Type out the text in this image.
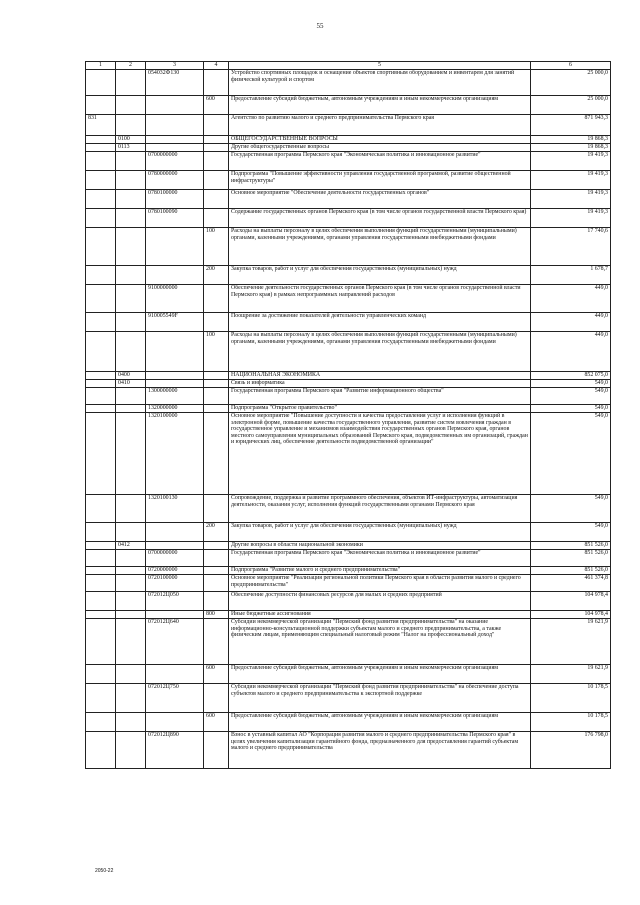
55
1	2	3	4	5	6
		054032Ф130		Устройство спортивных площадок и оснащение объектов спортивным оборудованием и инвентарем для занятий физической культурой и спортом	25 000,0
			600	Предоставление субсидий бюджетным, автономным учреждениям и иным некоммерческим организациям	25 000,0
831				Агентство по развитию малого и среднего предпринимательства Пермского края	871 943,3
	0100			ОБЩЕГОСУДАРСТВЕННЫЕ ВОПРОСЫ	19 868,3
	0113			Другие общегосударственные вопросы	19 868,3
		0700000000		Государственная программа Пермского края "Экономическая политика и инновационное развитие"	19 419,3
		0780000000		Подпрограмма "Повышение эффективности управления государственной программой, развитие общественной инфраструктуры"	19 419,3
		0780100000		Основное мероприятие "Обеспечение деятельности государственных органов"	19 419,3
		0780100090		Содержание государственных органов Пермского края (в том числе органов государственной власти Пермского края)	19 419,3
			100	Расходы на выплаты персоналу в целях обеспечения выполнения функций государственными (муниципальными) органами, казенными учреждениями, органами управления государственными внебюджетными фондами	17 740,6
			200	Закупка товаров, работ и услуг для обеспечения государственных (муниципальных) нужд	1 678,7
		9100000000		Обеспечение деятельности государственных органов Пермского края (в том числе органов государственной власти Пермского края) в рамках непрограммных направлений расходов	449,0
		910005549F		Поощрение за достижение показателей деятельности управленческих команд	449,0
			100	Расходы на выплаты персоналу в целях обеспечения выполнения функций государственными (муниципальными) органами, казенными учреждениями, органами управления государственными внебюджетными фондами	449,0
	0400			НАЦИОНАЛЬНАЯ ЭКОНОМИКА	852 075,0
	0410			Связь и информатика	549,0
		1300000000		Государственная программа Пермского края "Развитие информационного общества"	549,0
		1320000000		Подпрограмма "Открытое правительство"	549,0
		1320100000		Основное мероприятие "Повышение доступности и качества предоставления услуг и исполнения функций в электронной форме, повышение качества государственного управления, развитие систем вовлечения граждан в государственное управление и механизмов взаимодействия государственных органов Пермского края, органов местного самоуправления муниципальных образований Пермского края, подведомственных им организаций, граждан и юридических лиц, обеспечение деятельности подведомственной организации"	549,0
		1320100130		Сопровождение, поддержка и развитие программного обеспечения, объектов ИТ-инфраструктуры, автоматизация деятельности, оказания услуг, исполнения функций государственными органами Пермского края	549,0
			200	Закупка товаров, работ и услуг для обеспечения государственных (муниципальных) нужд	549,0
	0412			Другие вопросы в области национальной экономики	851 526,0
		0700000000		Государственная программа Пермского края "Экономическая политика и инновационное развитие"	851 526,0
		0720000000		Подпрограмма "Развитие малого и среднего предпринимательства"	851 526,0
		0720100000		Основное мероприятие "Реализация региональной политики Пермского края в области развития малого и среднего предпринимательства"	461 374,8
		072012Ц050		Обеспечение доступности финансовых ресурсов для малых и средних предприятий	104 978,4
			800	Иные бюджетные ассигнования	104 978,4
		072012Ц640		Субсидии некоммерческой организации "Пермский фонд развития предпринимательства" на оказание информационно-консультационной поддержки субъектам малого и среднего предпринимательства, а также физическим лицам, применяющим специальный налоговый режим "Налог на профессиональный доход"	19 621,9
			600	Предоставление субсидий бюджетным, автономным учреждениям и иным некоммерческим организациям	19 621,9
		072012Ц750		Субсидии некоммерческой организации "Пермский фонд развития предпринимательства" на обеспечение доступа субъектов малого и среднего предпринимательства к экспортной поддержке	10 178,5
			600	Предоставление субсидий бюджетным, автономным учреждениям и иным некоммерческим организациям	10 178,5
		072012Ц890		Взнос в уставный капитал АО "Корпорация развития малого и среднего предпринимательства Пермского края" в целях увеличения капитализации гарантийного фонда, предназначенного для предоставления гарантий субъектам малого и среднего предпринимательства	176 798,0
2050-22
